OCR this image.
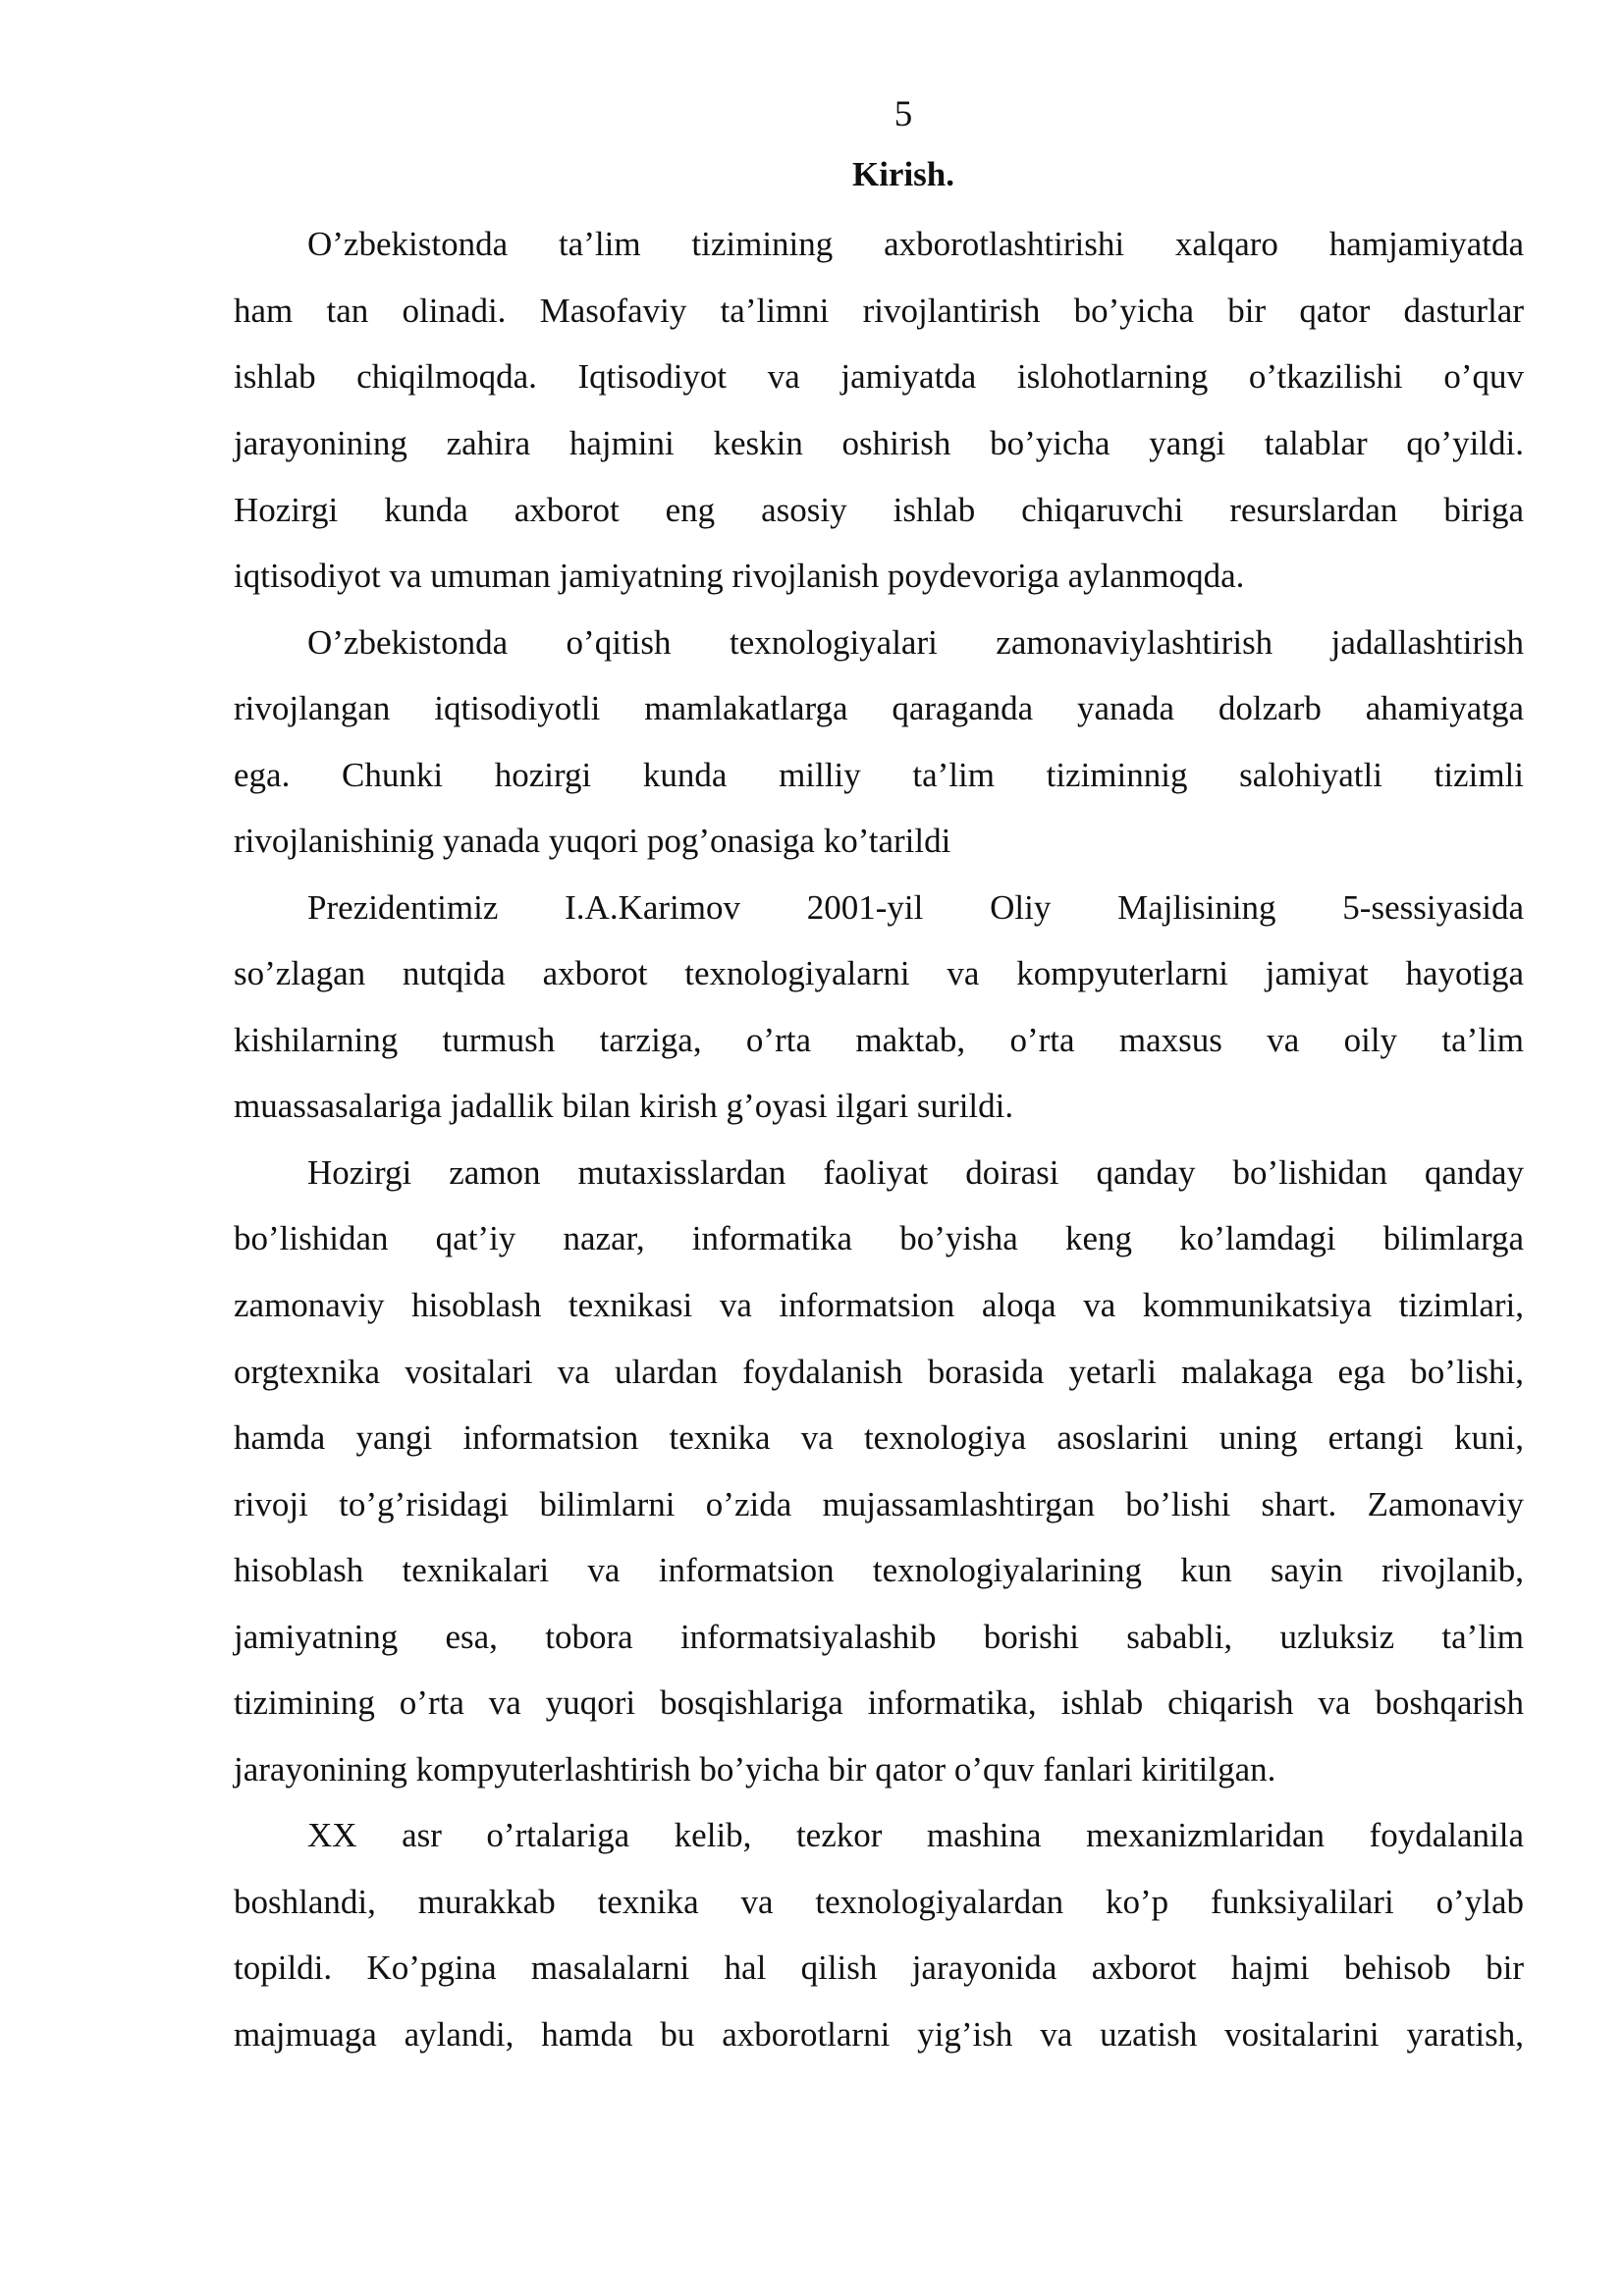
5
Kirish.
O’zbekistonda ta’lim tizimining axborotlashtirishi xalqaro hamjamiyatda
ham tan olinadi. Masofaviy ta’limni rivojlantirish bo’yicha bir qator dasturlar
ishlab chiqilmoqda. Iqtisodiyot va jamiyatda islohotlarning o’tkazilishi o’quv
jarayonining zahira hajmini keskin oshirish bo’yicha yangi talablar qo’yildi.
Hozirgi kunda axborot eng asosiy ishlab chiqaruvchi resurslardan biriga
iqtisodiyot va umuman jamiyatning rivojlanish poydevoriga aylanmoqda.
O’zbekistonda o’qitish texnologiyalari zamonaviylashtirish jadallashtirish
rivojlangan iqtisodiyotli mamlakatlarga qaraganda yanada dolzarb ahamiyatga
ega. Chunki hozirgi kunda milliy ta’lim tiziminnig salohiyatli tizimli
rivojlanishinig yanada yuqori pog’onasiga ko’tarildi
Prezidentimiz I.A.Karimov 2001-yil Oliy Majlisining 5-sessiyasida
so’zlagan nutqida axborot texnologiyalarni va kompyuterlarni jamiyat hayotiga
kishilarning turmush tarziga, o’rta maktab, o’rta maxsus va oily ta’lim
muassasalariga jadallik bilan kirish g’oyasi ilgari surildi.
Hozirgi zamon mutaxisslardan faoliyat doirasi qanday bo’lishidan qanday
bo’lishidan qat’iy nazar, informatika bo’yisha keng ko’lamdagi bilimlarga
zamonaviy hisoblash texnikasi va informatsion aloqa va kommunikatsiya tizimlari,
orgtexnika vositalari va ulardan foydalanish borasida yetarli malakaga ega bo’lishi,
hamda yangi informatsion texnika va texnologiya asoslarini uning ertangi kuni,
rivoji to’g’risidagi bilimlarni o’zida mujassamlashtirgan bo’lishi shart. Zamonaviy
hisoblash texnikalari va informatsion texnologiyalarining kun sayin rivojlanib,
jamiyatning esa, tobora informatsiyalashib borishi sababli, uzluksiz ta’lim
tizimining o’rta va yuqori bosqishlariga informatika, ishlab chiqarish va boshqarish
jarayonining kompyuterlashtirish bo’yicha bir qator o’quv fanlari kiritilgan.
XX asr o’rtalariga kelib, tezkor mashina mexanizmlaridan foydalanila
boshlandi, murakkab texnika va texnologiyalardan ko’p funksiyalilari o’ylab
topildi. Ko’pgina masalalarni hal qilish jarayonida axborot hajmi behisob bir
majmuaga aylandi, hamda bu axborotlarni yig’ish va uzatish vositalarini yaratish,
